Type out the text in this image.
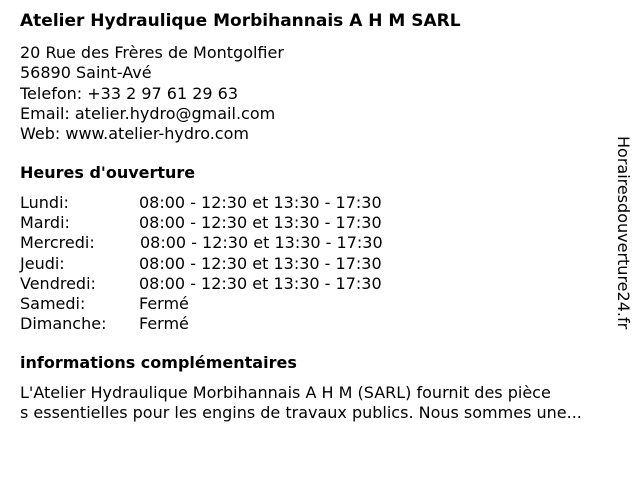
Atelier Hydraulique Morbihannais A H M SARL
20 Rue des Frères de Montgolfier
56890 Saint-Avé
Telefon: +33 2 97 61 29 63
Email: atelier.hydro@gmail.com
Web: www.atelier-hydro.com
Heures d'ouverture
Lundi:	08:00 - 12:30 et 13:30 - 17:30
Mardi:	08:00 - 12:30 et 13:30 - 17:30
Mercredi:	08:00 - 12:30 et 13:30 - 17:30
Jeudi:	08:00 - 12:30 et 13:30 - 17:30
Vendredi:	08:00 - 12:30 et 13:30 - 17:30
Samedi:	Fermé
Dimanche: Fermé
informations complémentaires
L'Atelier Hydraulique Morbihannais A H M (SARL) fournit des pièce
s essentielles pour les engins de travaux publics. Nous sommes une...
Horairesdouverture24.fr
